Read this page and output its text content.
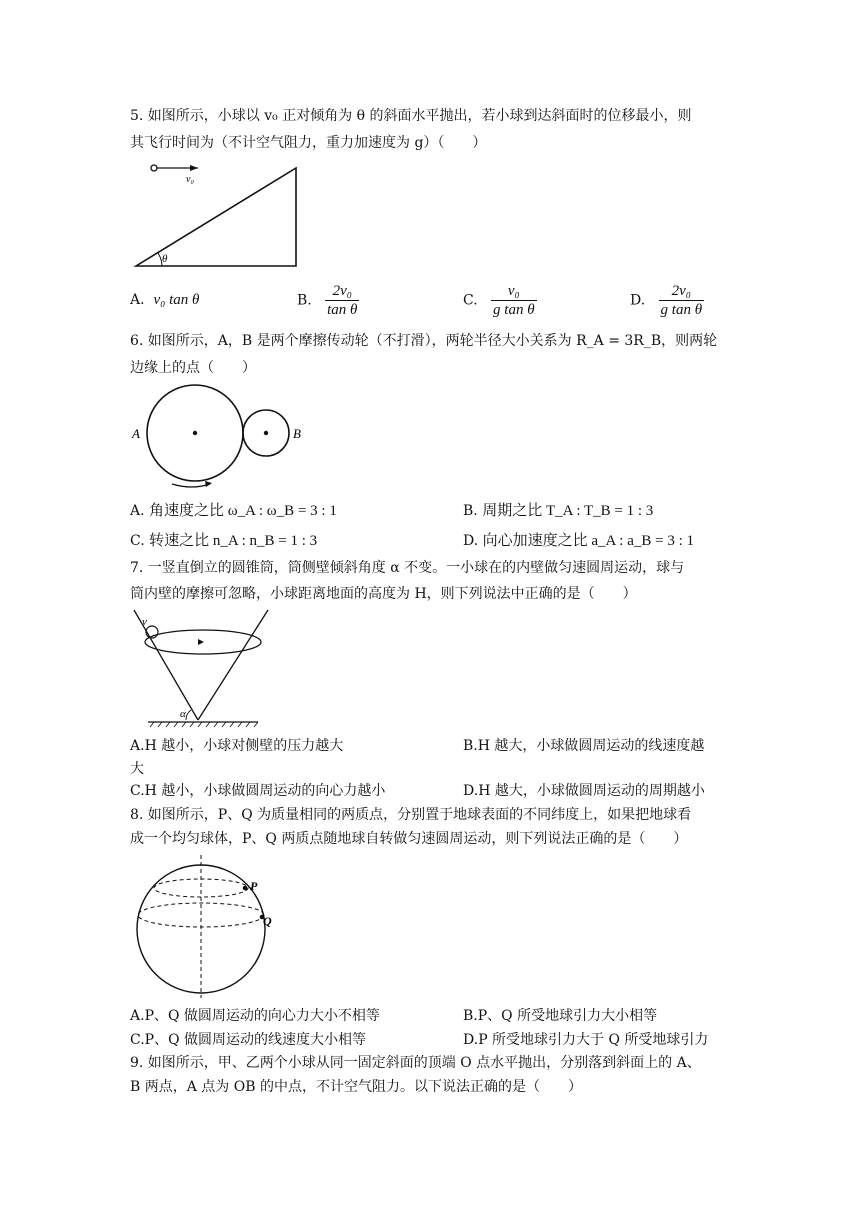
5. 如图所示，小球以 v₀ 正对倾角为 θ 的斜面水平抛出，若小球到达斜面时的位移最小，则
其飞行时间为（不计空气阻力，重力加速度为 g）（　　）
v₀
θ
A. v₀ tan θ	B. $\frac{\text{2v₀}}{\text{tan θ}}$	C. $\frac{\text{v₀}}{\text{g tan θ}}$	D. $\frac{\text{2v₀}}{\text{g tan θ}}$
6. 如图所示，A，B 是两个摩擦传动轮（不打滑），两轮半径大小关系为 R_A = 3R_B，则两轮
边缘上的点（　　）
A	B
A. 角速度之比 ω_A : ω_B = 3 : 1	B. 周期之比 T_A : T_B = 1 : 3
C. 转速之比 n_A : n_B = 1 : 3	D. 向心加速度之比 a_A : a_B = 3 : 1
7. 一竖直倒立的圆锥筒，筒侧壁倾斜角度 α 不变。一小球在的内壁做匀速圆周运动，球与
筒内壁的摩擦可忽略，小球距离地面的高度为 H，则下列说法中正确的是（　　）
v
α
A.H 越小，小球对侧壁的压力越大	B.H 越大，小球做圆周运动的线速度越
大
C.H 越小，小球做圆周运动的向心力越小	D.H 越大，小球做圆周运动的周期越小
8. 如图所示，P、Q 为质量相同的两质点，分别置于地球表面的不同纬度上，如果把地球看
成一个均匀球体，P、Q 两质点随地球自转做匀速圆周运动，则下列说法正确的是（　　）
P
Q
A.P、Q 做圆周运动的向心力大小不相等	B.P、Q 所受地球引力大小相等
C.P、Q 做圆周运动的线速度大小相等	D.P 所受地球引力大于 Q 所受地球引力
9. 如图所示，甲、乙两个小球从同一固定斜面的顶端 O 点水平抛出，分别落到斜面上的 A、
B 两点，A 点为 OB 的中点，不计空气阻力。以下说法正确的是（　　）
